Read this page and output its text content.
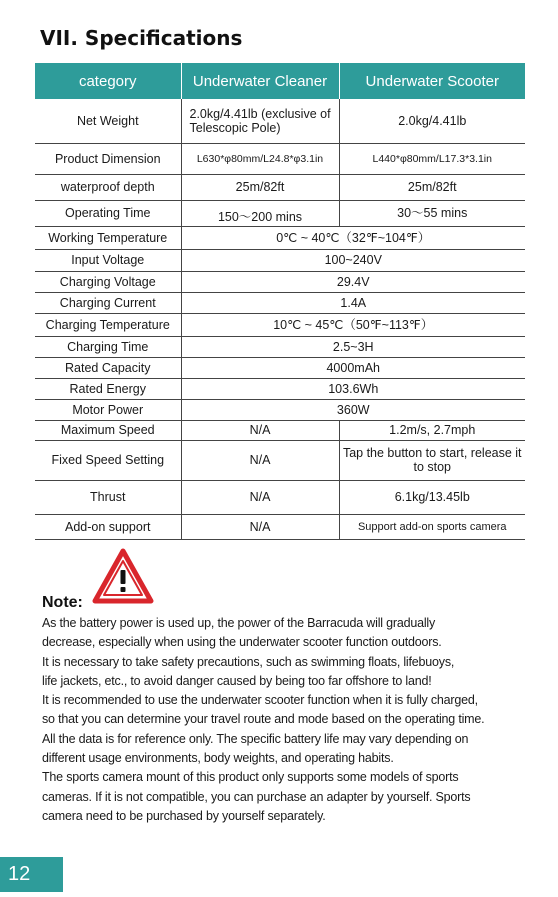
VII. Specifications
category	Underwater Cleaner	Underwater Scooter
Net Weight	2.0kg/4.41lb (exclusive of Telescopic Pole)	2.0kg/4.41lb
Product Dimension	L630*φ80mm/L24.8*φ3.1in	L440*φ80mm/L17.3*3.1in
waterproof depth	25m/82ft	25m/82ft
Operating Time	150～200 mins	30～55 mins
Working Temperature	0℃ ~ 40℃（32℉~104℉）	
Input Voltage	100~240V	
Charging Voltage	29.4V	
Charging Current	1.4A	
Charging Temperature	10℃ ~ 45℃（50℉~113℉）	
Charging Time	2.5~3H	
Rated Capacity	4000mAh	
Rated Energy	103.6Wh	
Motor Power	360W	
Maximum Speed	N/A	1.2m/s, 2.7mph
Fixed Speed Setting	N/A	Tap the button to start, release it to stop
Thrust	N/A	6.1kg/13.45lb
Add-on support	N/A	Support add-on sports camera
Note:

As the battery power is used up, the power of the Barracuda will gradually

decrease, especially when using the underwater scooter function outdoors.

It is necessary to take safety precautions, such as swimming floats, lifebuoys,

life jackets, etc., to avoid danger caused by being too far offshore to land!

It is recommended to use the underwater scooter function when it is fully charged,

so that you can determine your travel route and mode based on the operating time.

All the data is for reference only. The specific battery life may vary depending on

different usage environments, body weights, and operating habits.

The sports camera mount of this product only supports some models of sports

cameras. If it is not compatible, you can purchase an adapter by yourself. Sports

camera need to be purchased by yourself separately.

12
